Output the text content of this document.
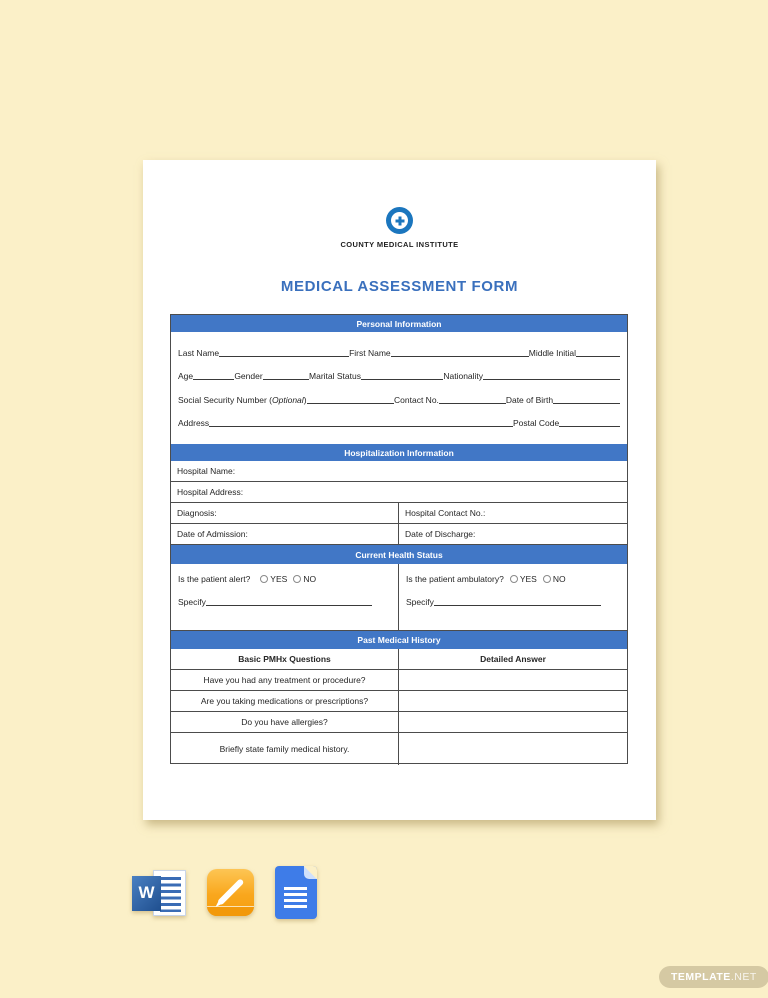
COUNTY MEDICAL INSTITUTE
MEDICAL ASSESSMENT FORM
Personal Information
Last Name	First Name	Middle Initial
Age	Gender	Marital Status	Nationality
Social Security Number (Optional)	Contact No.	Date of Birth
Address	Postal Code
Hospitalization Information
Hospital Name:
Hospital Address:
Diagnosis:	Hospital Contact No.:
Date of Admission:	Date of Discharge:
Current Health Status
Is the patient alert? YES NO
Specify
Is the patient ambulatory? YES NO
Specify
Past Medical History
Basic PMHx Questions	Detailed Answer
Have you had any treatment or procedure?
Are you taking medications or prescriptions?
Do you have allergies?
Briefly state family medical history.
W
TEMPLATE .NET
